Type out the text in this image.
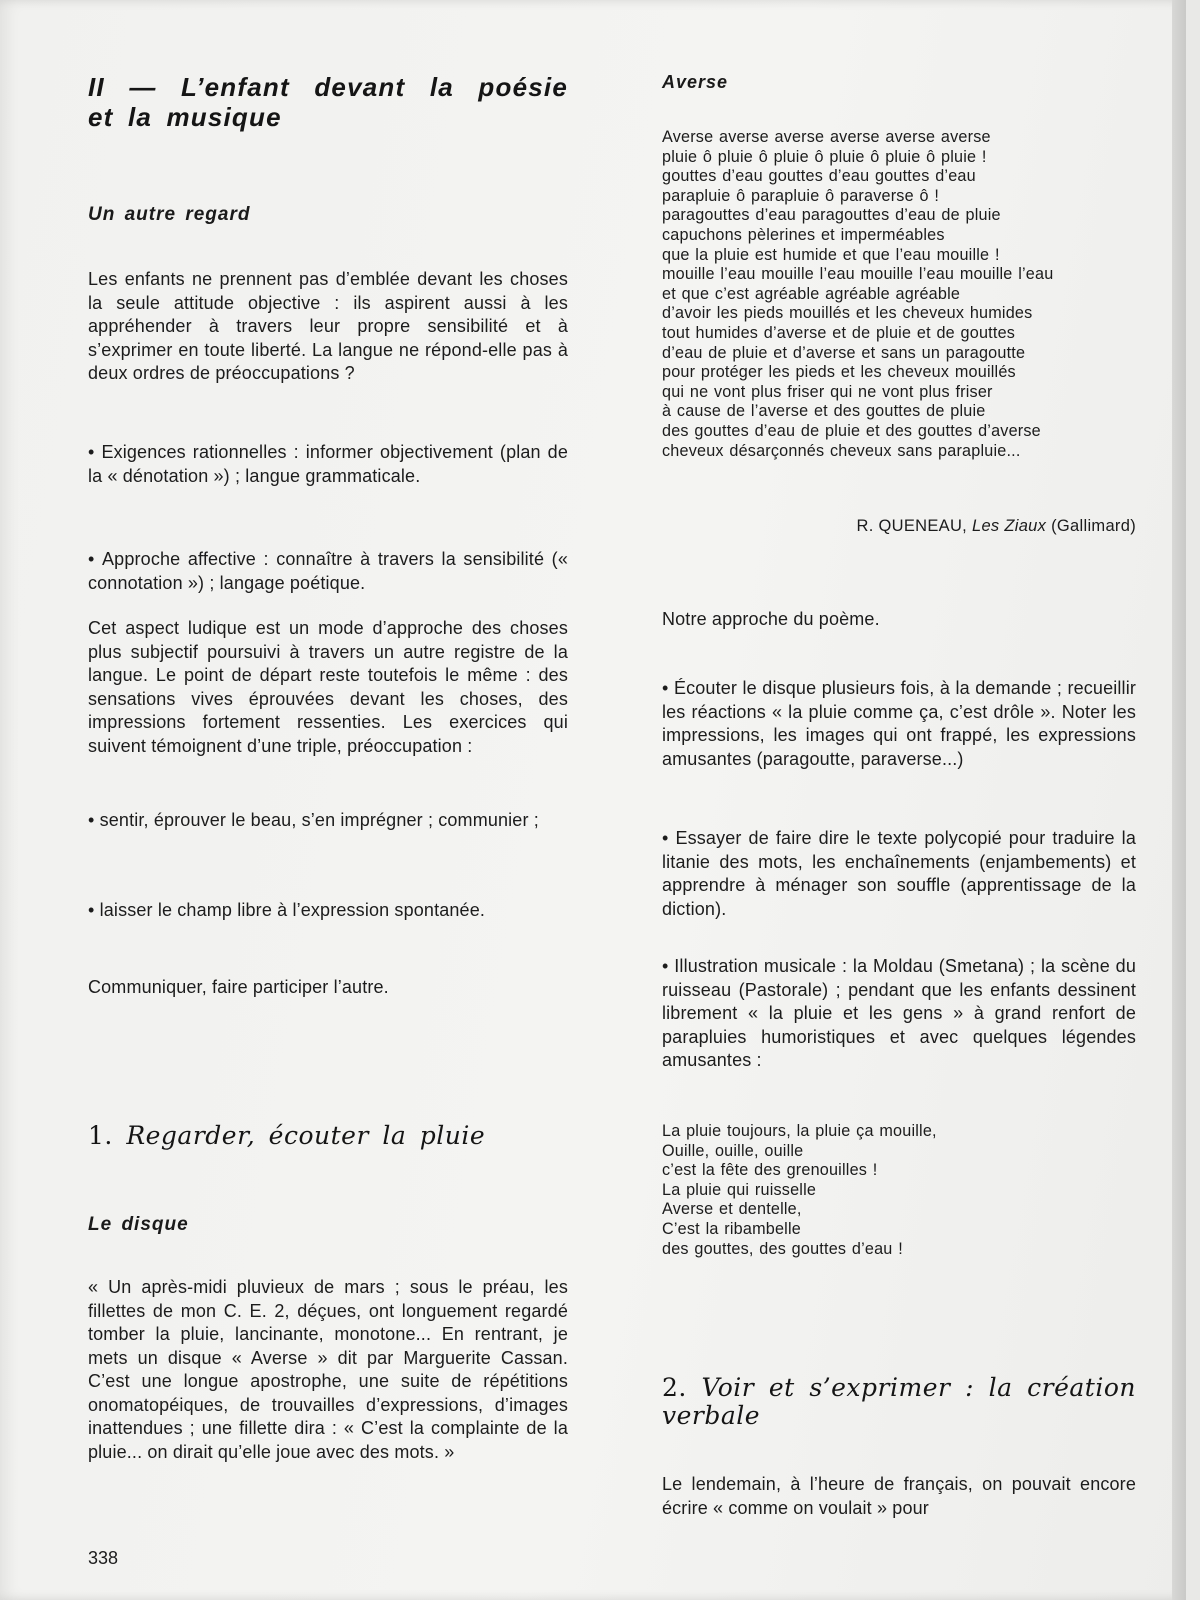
II — L’enfant devant la poésie
et la musique
Un autre regard

Les enfants ne prennent pas d’emblée devant les choses la seule attitude objective : ils aspirent aussi à les appréhender à travers leur propre sensibilité et à s’exprimer en toute liberté. La langue ne répond-elle pas à deux ordres de préoccupations ?

• Exigences rationnelles : informer objectivement (plan de la « dénotation ») ; langue grammaticale.

• Approche affective : connaître à travers la sensibilité (« connotation ») ; langage poétique.

Cet aspect ludique est un mode d’approche des choses plus subjectif poursuivi à travers un autre registre de la langue. Le point de départ reste toutefois le même : des sensations vives éprouvées devant les choses, des impressions fortement ressenties. Les exercices qui suivent témoignent d’une triple, préoccupation :

• sentir, éprouver le beau, s’en imprégner ; communier ;

• laisser le champ libre à l’expression spontanée.

Communiquer, faire participer l’autre.

1. Regarder, écouter la pluie
Le disque

« Un après-midi pluvieux de mars ; sous le préau, les fillettes de mon C. E. 2, déçues, ont longuement regardé tomber la pluie, lancinante, monotone... En rentrant, je mets un disque « Averse » dit par Marguerite Cassan. C’est une longue apostrophe, une suite de répétitions onomatopéiques, de trouvailles d’expressions, d’images inattendues ; une fillette dira : « C’est la complainte de la pluie... on dirait qu’elle joue avec des mots. »

338
Averse
Averse averse averse averse averse averse
pluie ô pluie ô pluie ô pluie ô pluie ô pluie !
gouttes d’eau gouttes d’eau gouttes d’eau
parapluie ô parapluie ô paraverse ô !
paragouttes d’eau paragouttes d’eau de pluie
capuchons pèlerines et imperméables
que la pluie est humide et que l’eau mouille !
mouille l’eau mouille l’eau mouille l’eau mouille l’eau
et que c’est agréable agréable agréable
d’avoir les pieds mouillés et les cheveux humides
tout humides d’averse et de pluie et de gouttes
d’eau de pluie et d’averse et sans un paragoutte
pour protéger les pieds et les cheveux mouillés
qui ne vont plus friser qui ne vont plus friser
à cause de l’averse et des gouttes de pluie
des gouttes d’eau de pluie et des gouttes d’averse
cheveux désarçonnés cheveux sans parapluie...

R. QUENEAU, Les Ziaux (Gallimard)

Notre approche du poème.

• Écouter le disque plusieurs fois, à la demande ; recueillir les réactions « la pluie comme ça, c’est drôle ». Noter les impressions, les images qui ont frappé, les expressions amusantes (paragoutte, paraverse...)

• Essayer de faire dire le texte polycopié pour traduire la litanie des mots, les enchaînements (enjambements) et apprendre à ménager son souffle (apprentissage de la diction).

• Illustration musicale : la Moldau (Smetana) ; la scène du ruisseau (Pastorale) ; pendant que les enfants dessinent librement « la pluie et les gens » à grand renfort de parapluies humoristiques et avec quelques légendes amusantes :

La pluie toujours, la pluie ça mouille,
Ouille, ouille, ouille
c’est la fête des grenouilles !
La pluie qui ruisselle
Averse et dentelle,
C’est la ribambelle
des gouttes, des gouttes d’eau !
2. Voir et s’exprimer : la création
verbale

Le lendemain, à l’heure de français, on pouvait encore écrire « comme on voulait » pour
